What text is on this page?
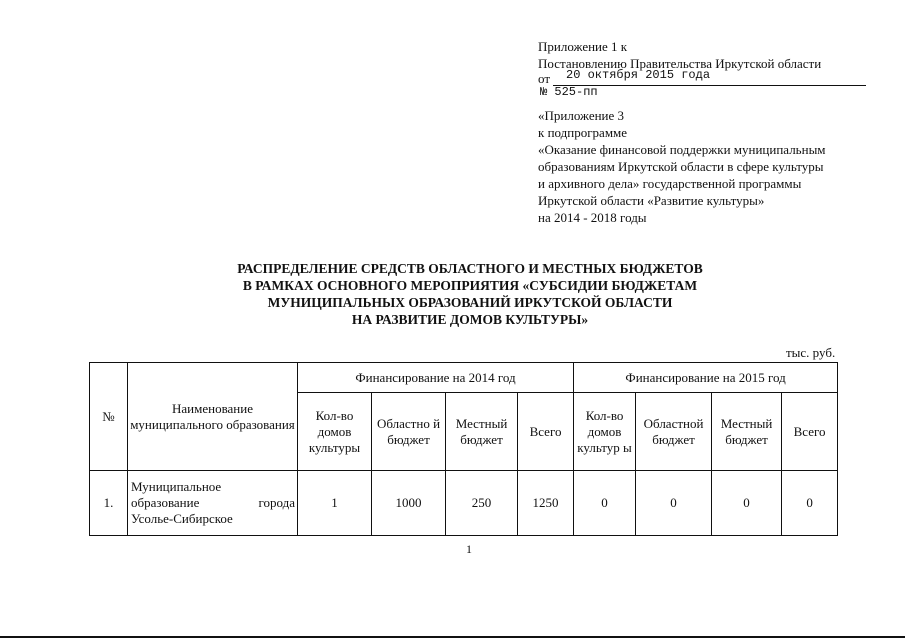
Приложение 1 к
Постановлению Правительства Иркутской области
от 20 октября 2015 года
№ 525-пп
«Приложение 3
к подпрограмме
«Оказание финансовой поддержки муниципальным
образованиям Иркутской области в сфере культуры
и архивного дела» государственной программы
Иркутской области «Развитие культуры»
на 2014 - 2018 годы
РАСПРЕДЕЛЕНИЕ СРЕДСТВ ОБЛАСТНОГО И МЕСТНЫХ БЮДЖЕТОВ
В РАМКАХ ОСНОВНОГО МЕРОПРИЯТИЯ «СУБСИДИИ БЮДЖЕТАМ
МУНИЦИПАЛЬНЫХ ОБРАЗОВАНИЙ ИРКУТСКОЙ ОБЛАСТИ
НА РАЗВИТИЕ ДОМОВ КУЛЬТУРЫ»
тыс. руб.
№	Наименование муниципального образования	Финансирование на 2014 год				Финансирование на 2015 год			
		Кол-во домов культуры	Областно й бюджет	Местный бюджет	Всего	Кол-во домов культур ы	Областной бюджет	Местный бюджет	Всего
1.	Муниципальное
образование города
Усолье-Сибирское	1	1000	250	1250	0	0	0	0
1
